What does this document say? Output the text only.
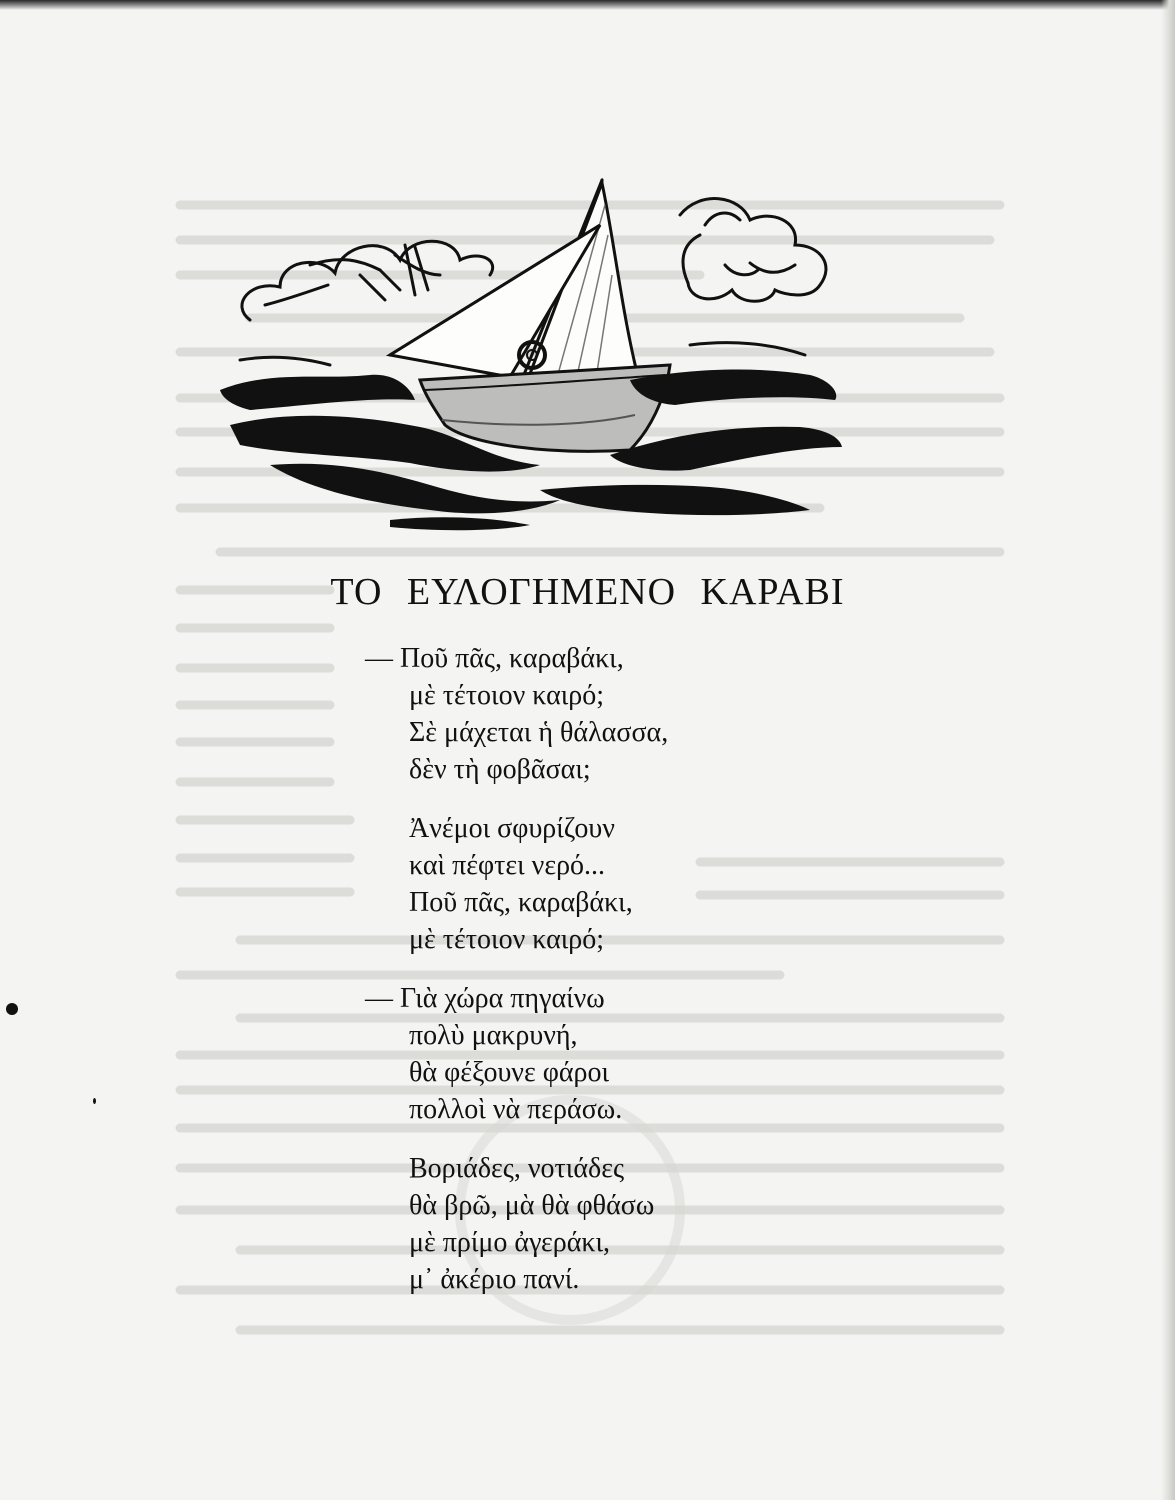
ΤΟ ΕΥΛΟΓΗΜΕΝΟ ΚΑΡΑΒΙ
— Ποῦ πᾶς, καραβάκι,
μὲ τέτοιον καιρό;
Σὲ μάχεται ἡ θάλασσα,
δὲν τὴ φοβᾶσαι;
Ἀνέμοι σφυρίζουν
καὶ πέφτει νερό...
Ποῦ πᾶς, καραβάκι,
μὲ τέτοιον καιρό;
— Γιὰ χώρα πηγαίνω
πολὺ μακρυνή,
θὰ φέξουνε φάροι
πολλοὶ νὰ περάσω.
Βοριάδες, νοτιάδες
θὰ βρῶ, μὰ θὰ φθάσω
μὲ πρίμο ἀγεράκι,
μ᾽ ἀκέριο πανί.
